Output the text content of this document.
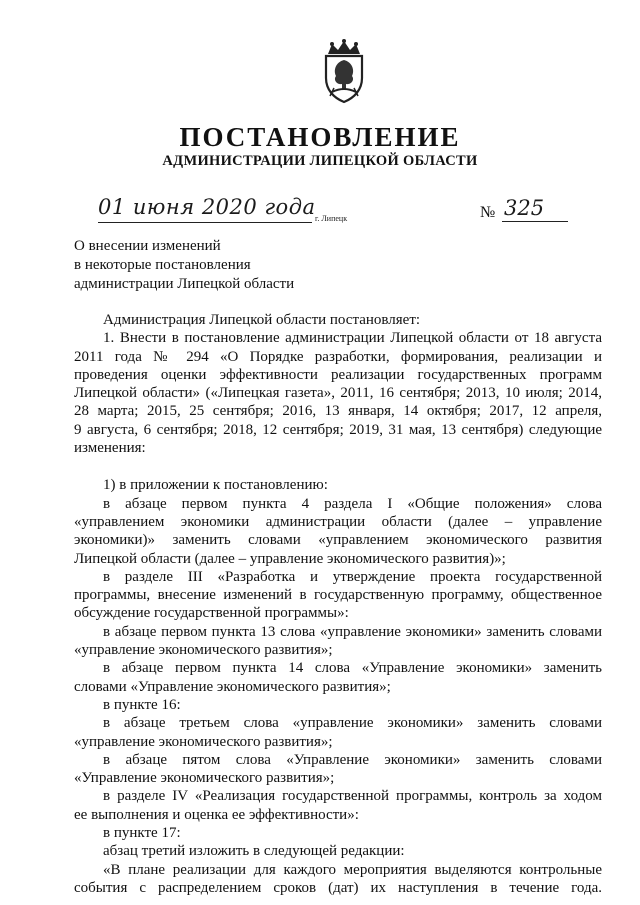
ПОСТАНОВЛЕНИЕ
АДМИНИСТРАЦИИ ЛИПЕЦКОЙ ОБЛАСТИ
01 июня 2020 года г. Липецк	№ 325
О внесении изменений
в некоторые постановления
администрации Липецкой области
Администрация Липецкой области постановляет:
1. Внести в постановление администрации Липецкой области от 18 августа
2011 года № 294 «О Порядке разработки, формирования, реализации и
проведения оценки эффективности реализации государственных программ
Липецкой области» («Липецкая газета», 2011, 16 сентября; 2013, 10 июля; 2014,
28 марта; 2015, 25 сентября; 2016, 13 января, 14 октября; 2017, 12 апреля,
9 августа, 6 сентября; 2018, 12 сентября; 2019, 31 мая, 13 сентября) следующие
изменения:
1) в приложении к постановлению:
в абзаце первом пункта 4 раздела I «Общие положения» слова
«управлением экономики администрации области (далее – управление
экономики)» заменить словами «управлением экономического развития
Липецкой области (далее – управление экономического развития)»;
в разделе III «Разработка и утверждение проекта государственной
программы, внесение изменений в государственную программу, общественное
обсуждение государственной программы»:
в абзаце первом пункта 13 слова «управление экономики» заменить словами
«управление экономического развития»;
в абзаце первом пункта 14 слова «Управление экономики» заменить
словами «Управление экономического развития»;
в пункте 16:
в абзаце третьем слова «управление экономики» заменить словами
«управление экономического развития»;
в абзаце пятом слова «Управление экономики» заменить словами
«Управление экономического развития»;
в разделе IV «Реализация государственной программы, контроль за ходом
ее выполнения и оценка ее эффективности»:
в пункте 17:
абзац третий изложить в следующей редакции:
«В плане реализации для каждого мероприятия выделяются контрольные
события с распределением сроков (дат) их наступления в течение года.
